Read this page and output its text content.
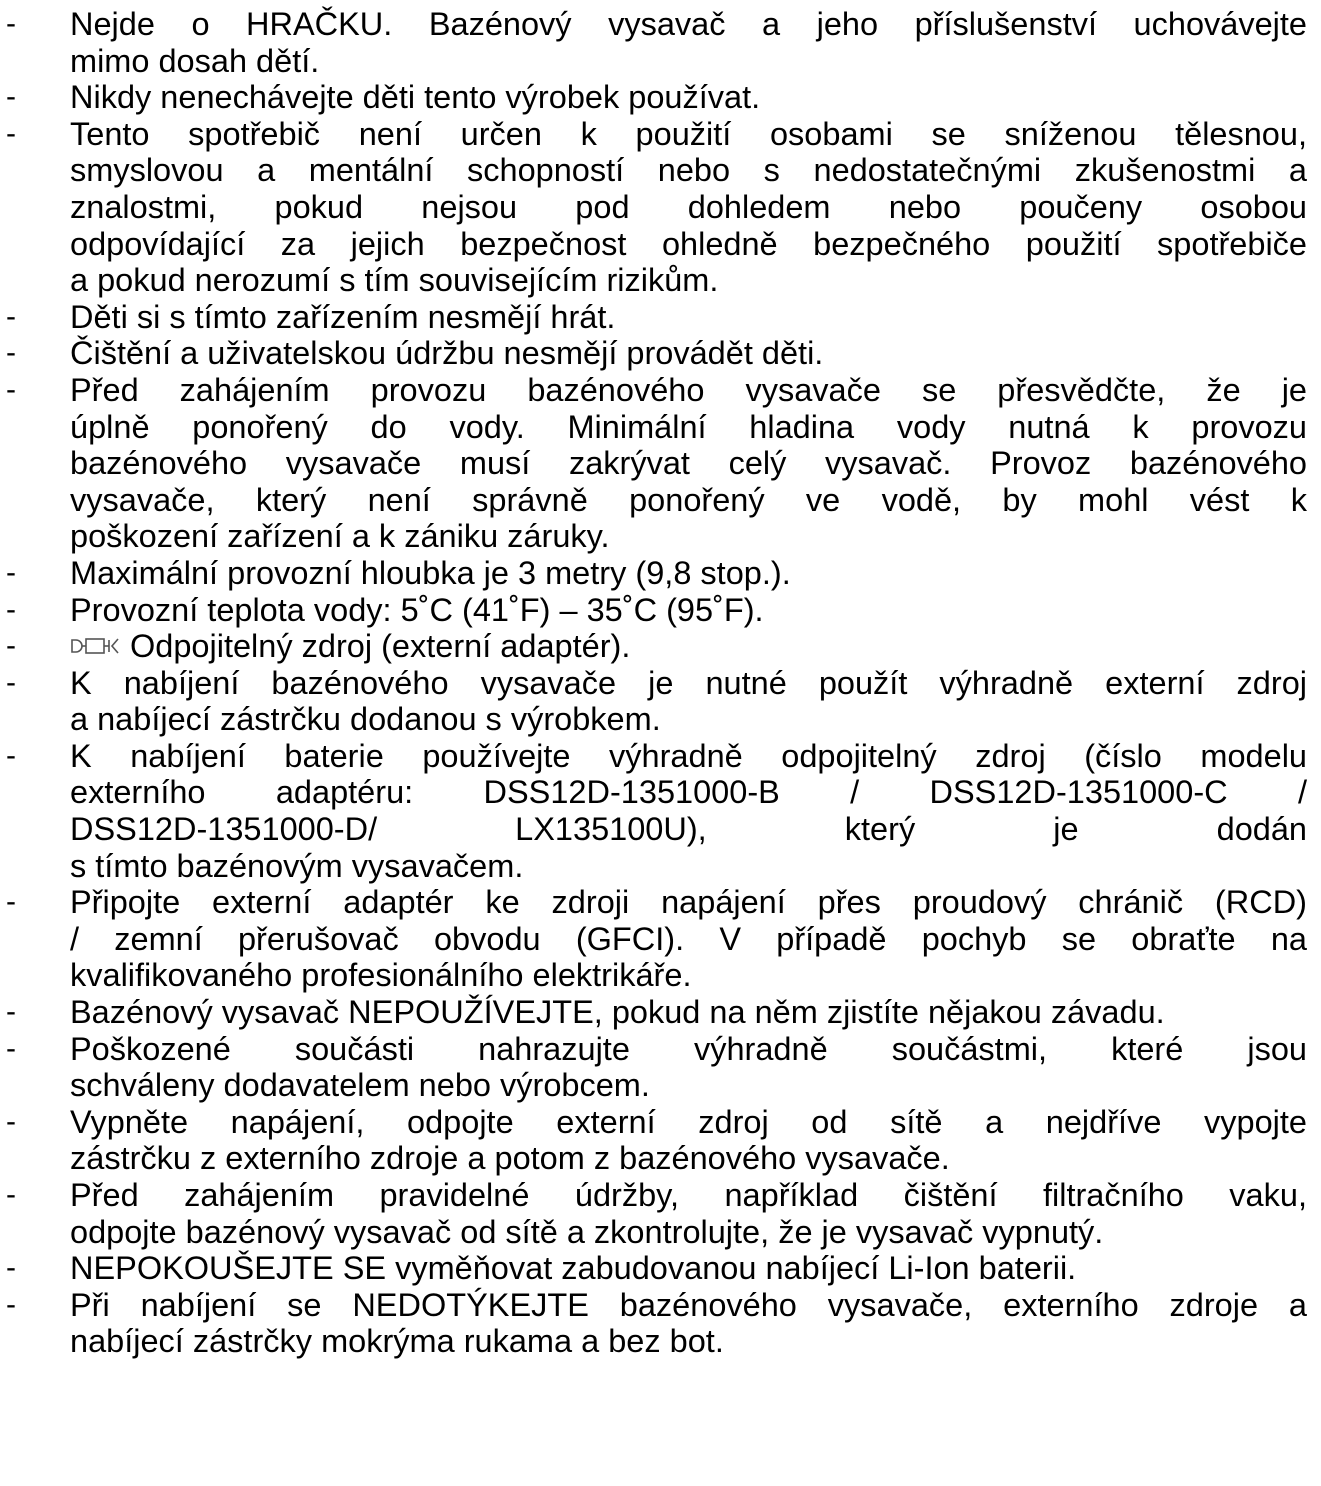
-	Nejde o HRAČKU. Bazénový vysavač a jeho příslušenství uchovávejte
mimo dosah dětí.
-	Nikdy nenechávejte děti tento výrobek používat.
-	Tento spotřebič není určen k použití osobami se sníženou tělesnou,
smyslovou a mentální schopností nebo s nedostatečnými zkušenostmi a
znalostmi, pokud nejsou pod dohledem nebo poučeny osobou
odpovídající za jejich bezpečnost ohledně bezpečného použití spotřebiče
a pokud nerozumí s tím souvisejícím rizikům.
-	Děti si s tímto zařízením nesmějí hrát.
-	Čištění a uživatelskou údržbu nesmějí provádět děti.
-	Před zahájením provozu bazénového vysavače se přesvědčte, že je
úplně ponořený do vody. Minimální hladina vody nutná k provozu
bazénového vysavače musí zakrývat celý vysavač. Provoz bazénového
vysavače, který není správně ponořený ve vodě, by mohl vést k
poškození zařízení a k zániku záruky.
-	Maximální provozní hloubka je 3 metry (9,8 stop.).
-	Provozní teplota vody: 5˚C (41˚F) – 35˚C (95˚F).
-	Odpojitelný zdroj (externí adaptér).
-	K nabíjení bazénového vysavače je nutné použít výhradně externí zdroj
a nabíjecí zástrčku dodanou s výrobkem.
-	K nabíjení baterie používejte výhradně odpojitelný zdroj (číslo modelu
externího adaptéru: DSS12D-1351000-B / DSS12D-1351000-C /
DSS12D-1351000-D/ LX135100U), který je dodán
s tímto bazénovým vysavačem.
-	Připojte externí adaptér ke zdroji napájení přes proudový chránič (RCD)
/ zemní přerušovač obvodu (GFCI). V případě pochyb se obraťte na
kvalifikovaného profesionálního elektrikáře.
-	Bazénový vysavač NEPOUŽÍVEJTE, pokud na něm zjistíte nějakou závadu.
-	Poškozené součásti nahrazujte výhradně součástmi, které jsou
schváleny dodavatelem nebo výrobcem.
-	Vypněte napájení, odpojte externí zdroj od sítě a nejdříve vypojte
zástrčku z externího zdroje a potom z bazénového vysavače.
-	Před zahájením pravidelné údržby, například čištění filtračního vaku,
odpojte bazénový vysavač od sítě a zkontrolujte, že je vysavač vypnutý.
-	NEPOKOUŠEJTE SE vyměňovat zabudovanou nabíjecí Li-Ion baterii.
-	Při nabíjení se NEDOTÝKEJTE bazénového vysavače, externího zdroje a
nabíjecí zástrčky mokrýma rukama a bez bot.
